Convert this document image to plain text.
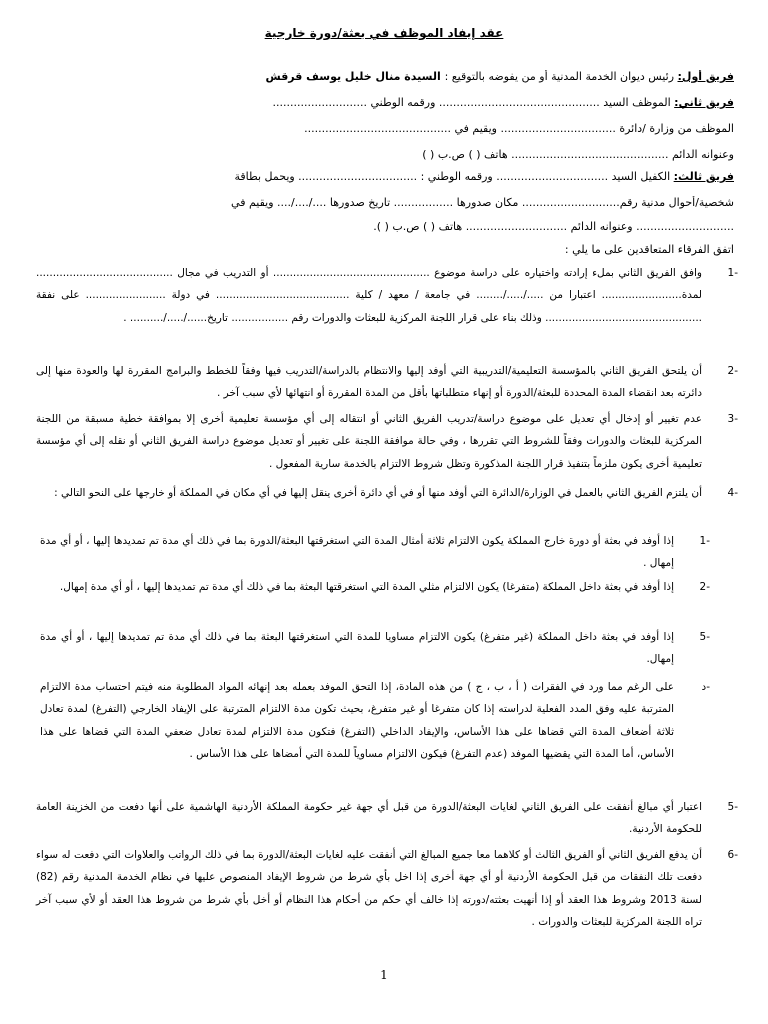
عقد إيفاد الموظف في بعثة/دورة خارجية
فريق أول: رئيس ديوان الخدمة المدنية أو من يفوضه بالتوقيع : السيدة منال خليل يوسف قرقش
فريق ثاني: الموظف السيد .............................................. ورقمه الوطني ...........................
الموظف من وزارة /دائرة ................................. ويقيم في ..........................................
وعنوانه الدائم ............................................. هاتف ( ) ص.ب ( )
فريق ثالث: الكفيل السيد ................................ ورقمه الوطني : .................................. ويحمل بطاقة
شخصية/أحوال مدنية رقم............................ مكان صدورها ................. تاريخ صدورها ..../..../.... ويقيم في
............................ وعنوانه الدائم ............................. هاتف ( ) ص.ب ( ).
اتفق الفرقاء المتعاقدين على ما يلي :
1-
وافق الفريق الثاني بملء إرادته واختياره على دراسة موضوع ............................................... أو التدريب في مجال ......................................... لمدة........................ اعتبارا من ...../...../........ في جامعة / معهد / كلية ........................................ في دولة ........................ على نفقة ............................................... وذلك بناء على قرار اللجنة المركزية للبعثات والدورات رقم ................. تاريخ....../...../.......... .
2-
أن يلتحق الفريق الثاني بالمؤسسة التعليمية/التدريبية التي أوفد إليها والانتظام بالدراسة/التدريب فيها وفقاً للخطط والبرامج المقررة لها والعودة منها إلى دائرته بعد انقضاء المدة المحددة للبعثة/الدورة أو إنهاء متطلباتها بأقل من المدة المقررة أو انتهائها لأي سبب آخر .
3-
عدم تغيير أو إدخال أي تعديل على موضوع دراسة/تدريب الفريق الثاني أو انتقاله إلى أي مؤسسة تعليمية أخرى إلا بموافقة خطية مسبقة من اللجنة المركزية للبعثات والدورات وفقاً للشروط التي تقررها ، وفي حالة موافقة اللجنة على تغيير أو تعديل موضوع دراسة الفريق الثاني أو نقله إلى أي مؤسسة تعليمية أخرى يكون ملزماً بتنفيذ قرار اللجنة المذكورة وتظل شروط الالتزام بالخدمة سارية المفعول .
4-
أن يلتزم الفريق الثاني بالعمل في الوزارة/الدائرة التي أوفد منها أو في أي دائرة أخرى ينقل إليها في أي مكان في المملكة أو خارجها على النحو التالي :
1-
إذا أوفد في بعثة أو دورة خارج المملكة يكون الالتزام ثلاثة أمثال المدة التي استغرقتها البعثة/الدورة بما في ذلك أي مدة تم تمديدها إليها ، أو أي مدة إمهال .
2-
إذا أوفد في بعثة داخل المملكة (متفرغا) يكون الالتزام مثلي المدة التي استغرقتها البعثة بما في ذلك أي مدة تم تمديدها إليها ، أو أي مدة إمهال.
5-
إذا أوفد في بعثة داخل المملكة (غير متفرغ) يكون الالتزام مساويا للمدة التي استغرقتها البعثة بما في ذلك أي مدة تم تمديدها إليها ، أو أي مدة إمهال.
د-
على الرغم مما ورد في الفقرات ( أ ، ب ، ج ) من هذه المادة، إذا التحق الموفد بعمله بعد إنهائه المواد المطلوبة منه فيتم احتساب مدة الالتزام المترتبة عليه وفق المدد الفعلية لدراسته إذا كان متفرغا أو غير متفرغ، بحيث تكون مدة الالتزام المترتبة على الإيفاد الخارجي (التفرغ) لمدة تعادل ثلاثة أضعاف المدة التي قضاها على هذا الأساس، والإيفاد الداخلي (التفرغ) فتكون مدة الالتزام لمدة تعادل ضعفي المدة التي قضاها على هذا الأساس، أما المدة التي يقضيها الموفد (عدم التفرغ) فيكون الالتزام مساوياً للمدة التي أمضاها على هذا الأساس .
5-
اعتبار أي مبالغ أنفقت على الفريق الثاني لغايات البعثة/الدورة من قبل أي جهة غير حكومة المملكة الأردنية الهاشمية على أنها دفعت من الخزينة العامة للحكومة الأردنية.
6-
أن يدفع الفريق الثاني أو الفريق الثالث أو كلاهما معا جميع المبالغ التي أنفقت عليه لغايات البعثة/الدورة بما في ذلك الرواتب والعلاوات التي دفعت له سواء دفعت تلك النفقات من قبل الحكومة الأردنية أو أي جهة أخرى إذا اخل بأي شرط من شروط الإيفاد المنصوص عليها في نظام الخدمة المدنية رقم (82) لسنة 2013 وشروط هذا العقد أو إذا أنهيت بعثته/دورته إذا خالف أي حكم من أحكام هذا النظام أو أخل بأي شرط من شروط هذا العقد أو لأي سبب آخر تراه اللجنة المركزية للبعثات والدورات .
1
